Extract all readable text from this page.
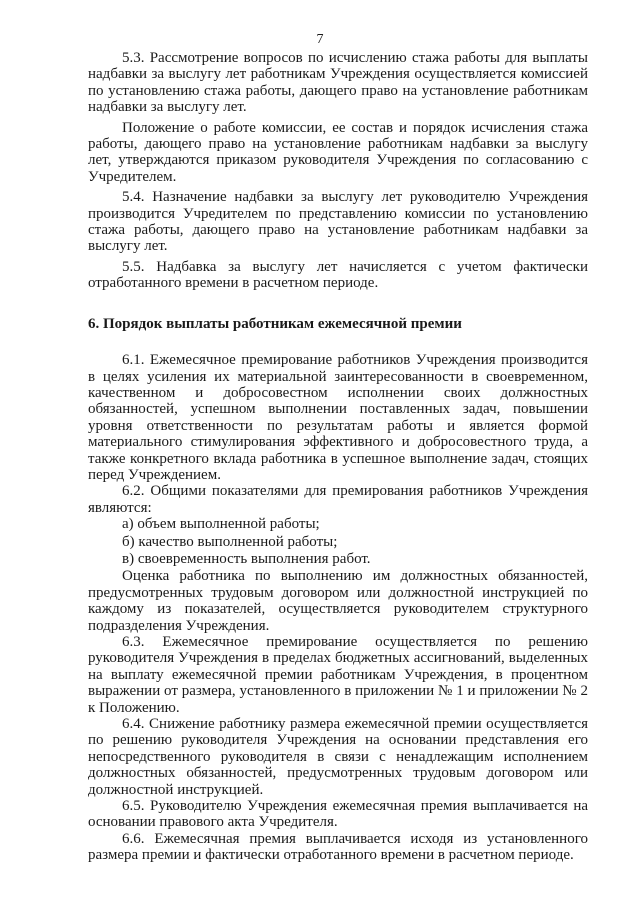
7

5.3. Рассмотрение вопросов по исчислению стажа работы для выплаты надбавки за выслугу лет работникам Учреждения осуществляется комиссией по установлению стажа работы, дающего право на установление работникам надбавки за выслугу лет.

Положение о работе комиссии, ее состав и порядок исчисления стажа работы, дающего право на установление работникам надбавки за выслугу лет, утверждаются приказом руководителя Учреждения по согласованию с Учредителем.

5.4. Назначение надбавки за выслугу лет руководителю Учреждения производится Учредителем по представлению комиссии по установлению стажа работы, дающего право на установление работникам надбавки за выслугу лет.

5.5. Надбавка за выслугу лет начисляется с учетом фактически отработанного времени в расчетном периоде.

6. Порядок выплаты работникам ежемесячной премии

6.1. Ежемесячное премирование работников Учреждения производится в целях усиления их материальной заинтересованности в своевременном, качественном и добросовестном исполнении своих должностных обязанностей, успешном выполнении поставленных задач, повышении уровня ответственности по результатам работы и является формой материального стимулирования эффективного и добросовестного труда, а также конкретного вклада работника в успешное выполнение задач, стоящих перед Учреждением.

6.2. Общими показателями для премирования работников Учреждения являются:

а) объем выполненной работы;
б) качество выполненной работы;
в) своевременность выполнения работ.

Оценка работника по выполнению им должностных обязанностей, предусмотренных трудовым договором или должностной инструкцией по каждому из показателей, осуществляется руководителем структурного подразделения Учреждения.

6.3. Ежемесячное премирование осуществляется по решению руководителя Учреждения в пределах бюджетных ассигнований, выделенных на выплату ежемесячной премии работникам Учреждения, в процентном выражении от размера, установленного в приложении № 1 и приложении № 2 к Положению.

6.4. Снижение работнику размера ежемесячной премии осуществляется по решению руководителя Учреждения на основании представления его непосредственного руководителя в связи с ненадлежащим исполнением должностных обязанностей, предусмотренных трудовым договором или должностной инструкцией.

6.5. Руководителю Учреждения ежемесячная премия выплачивается на основании правового акта Учредителя.

6.6. Ежемесячная премия выплачивается исходя из установленного размера премии и фактически отработанного времени в расчетном периоде.
